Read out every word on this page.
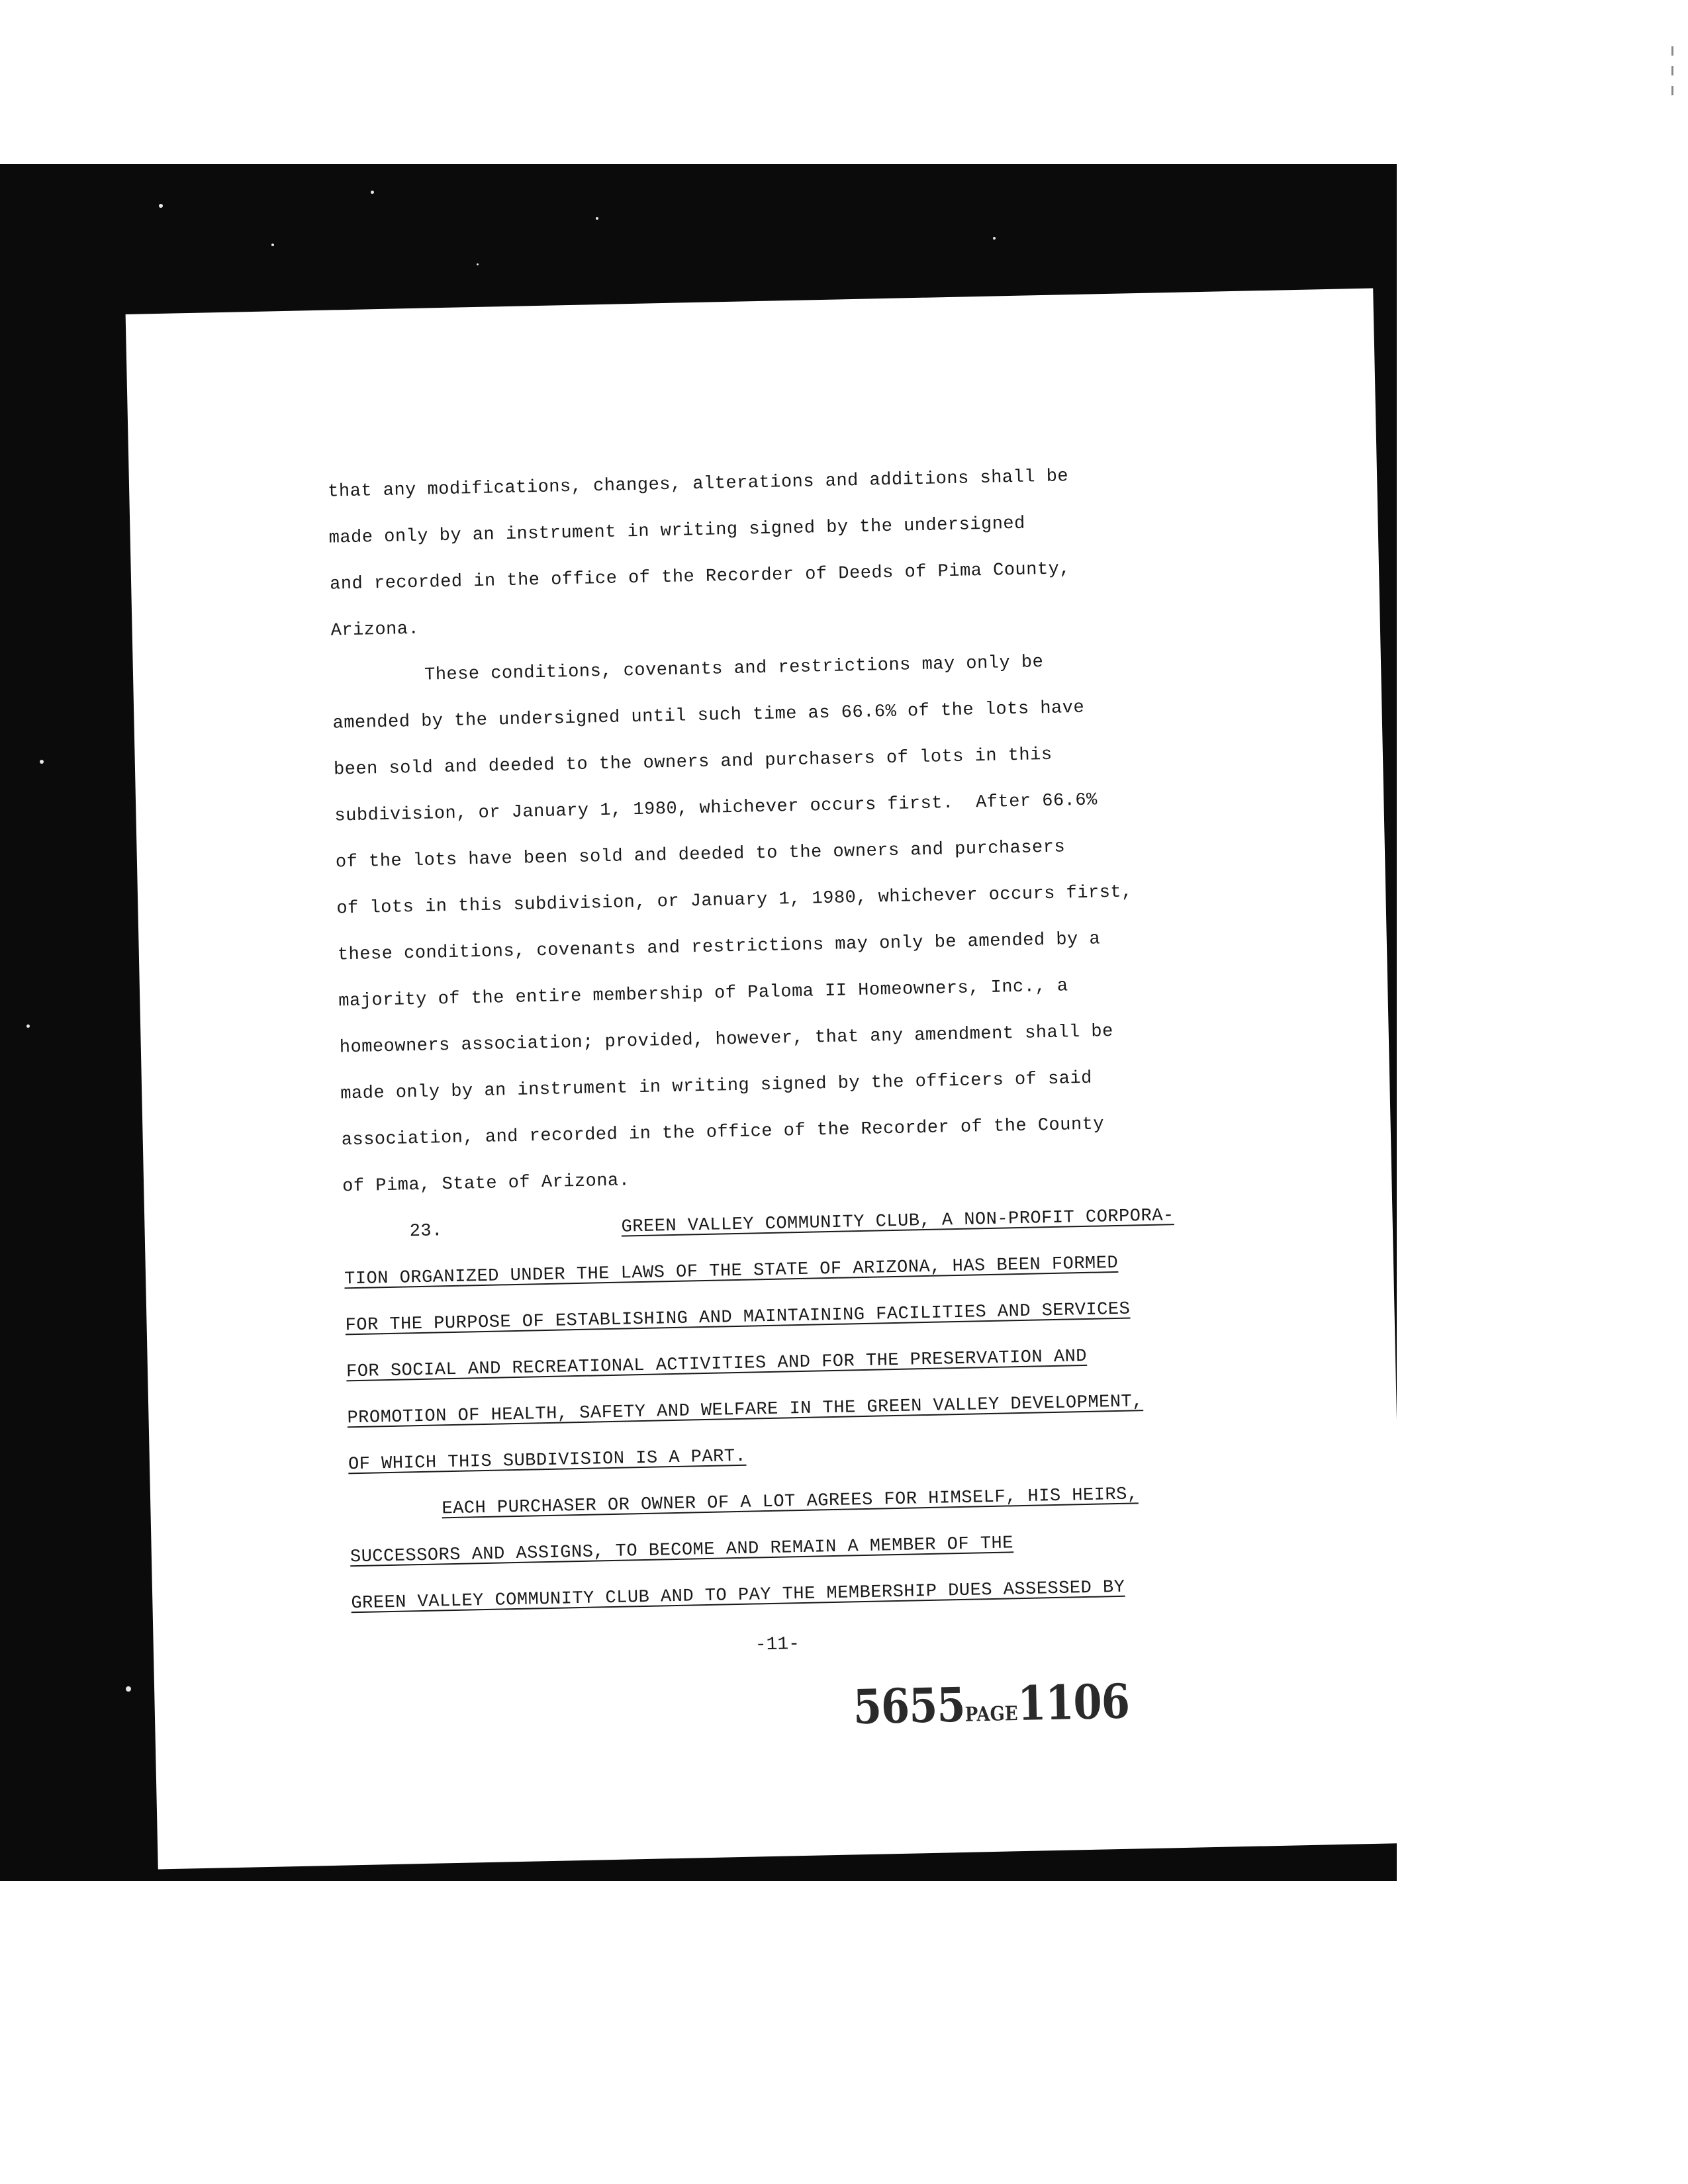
that any modifications, changes, alterations and additions shall be
made only by an instrument in writing signed by the undersigned
and recorded in the office of the Recorder of Deeds of Pima County,
Arizona.
These conditions, covenants and restrictions may only be
amended by the undersigned until such time as 66.6% of the lots have
been sold and deeded to the owners and purchasers of lots in this
subdivision, or January 1, 1980, whichever occurs first.  After 66.6%
of the lots have been sold and deeded to the owners and purchasers
of lots in this subdivision, or January 1, 1980, whichever occurs first,
these conditions, covenants and restrictions may only be amended by a
majority of the entire membership of Paloma II Homeowners, Inc., a
homeowners association; provided, however, that any amendment shall be
made only by an instrument in writing signed by the officers of said
association, and recorded in the office of the Recorder of the County
of Pima, State of Arizona.
23.	GREEN VALLEY COMMUNITY CLUB, A NON-PROFIT CORPORA-
TION ORGANIZED UNDER THE LAWS OF THE STATE OF ARIZONA, HAS BEEN FORMED
FOR THE PURPOSE OF ESTABLISHING AND MAINTAINING FACILITIES AND SERVICES
FOR SOCIAL AND RECREATIONAL ACTIVITIES AND FOR THE PRESERVATION AND
PROMOTION OF HEALTH, SAFETY AND WELFARE IN THE GREEN VALLEY DEVELOPMENT,
OF WHICH THIS SUBDIVISION IS A PART.
EACH PURCHASER OR OWNER OF A LOT AGREES FOR HIMSELF, HIS HEIRS,
SUCCESSORS AND ASSIGNS, TO BECOME AND REMAIN A MEMBER OF THE
GREEN VALLEY COMMUNITY CLUB AND TO PAY THE MEMBERSHIP DUES ASSESSED BY
-11-
5655PAGE1106
